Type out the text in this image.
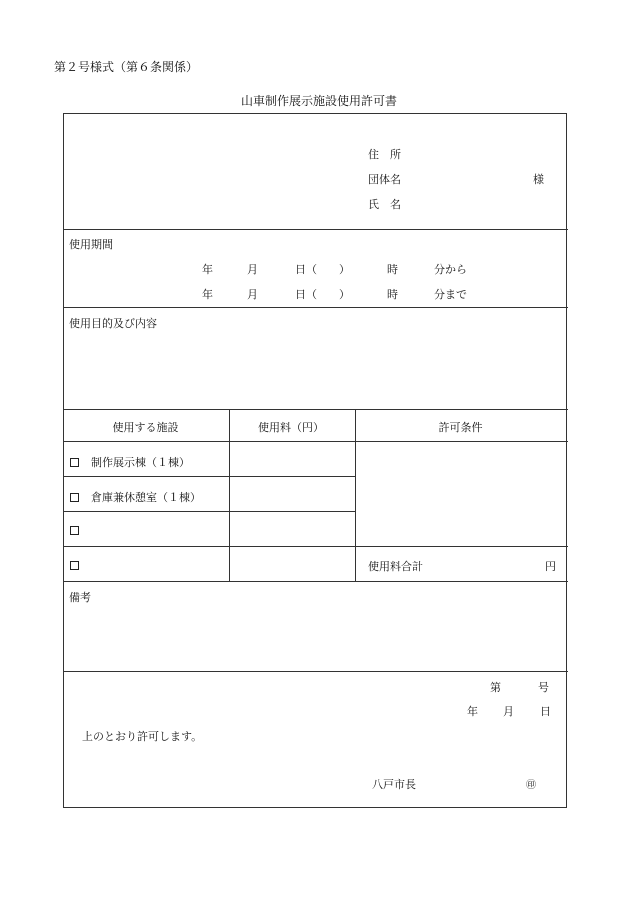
第２号様式（第６条関係）
山車制作展示施設使用許可書
住　所
団体名	様
氏　名
使用期間
年	月	日（　　）	時	分から
年	月	日（　　）	時	分まで
使用目的及び内容
使用する施設	使用料（円）	許可条件
制作展示棟（１棟）
倉庫兼休憩室（１棟）
使用料合計	円
備考
第	号
年 月 日
上のとおり許可します。
八戸市長	㊞
